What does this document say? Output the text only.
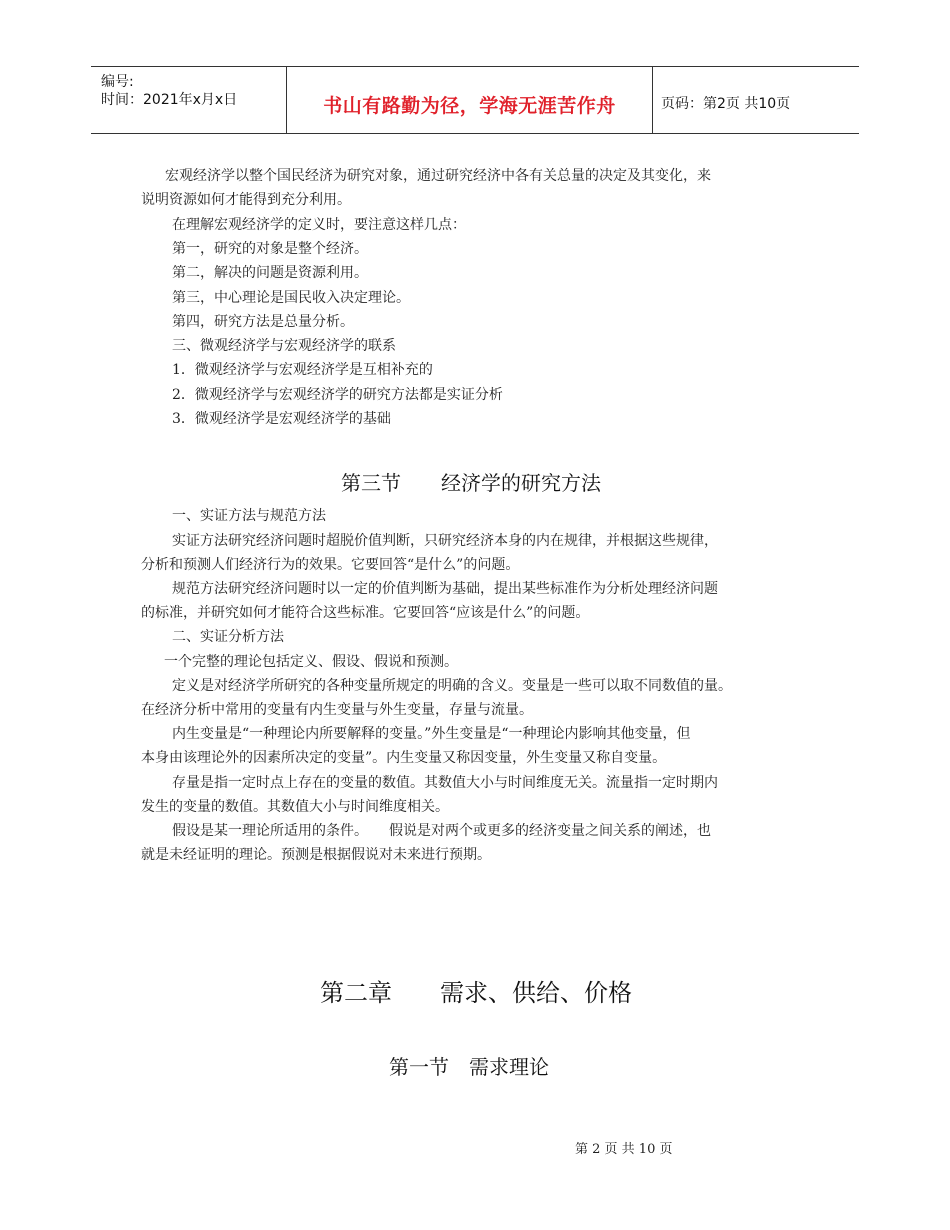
编号:
时间：2021年x月x日	书山有路勤为径，学海无涯苦作舟	页码：第2页 共10页
宏观经济学以整个国民经济为研究对象，通过研究经济中各有关总量的决定及其变化，来
说明资源如何才能得到充分利用。
在理解宏观经济学的定义时，要注意这样几点：
第一，研究的对象是整个经济。
第二，解决的问题是资源利用。
第三，中心理论是国民收入决定理论。
第四，研究方法是总量分析。
三、微观经济学与宏观经济学的联系
1．微观经济学与宏观经济学是互相补充的
2．微观经济学与宏观经济学的研究方法都是实证分析
3．微观经济学是宏观经济学的基础
第三节　　经济学的研究方法
一、实证方法与规范方法
实证方法研究经济问题时超脱价值判断，只研究经济本身的内在规律，并根据这些规律，
分析和预测人们经济行为的效果。它要回答“是什么”的问题。
规范方法研究经济问题时以一定的价值判断为基础，提出某些标准作为分析处理经济问题
的标准，并研究如何才能符合这些标准。它要回答“应该是什么”的问题。
二、实证分析方法
一个完整的理论包括定义、假设、假说和预测。
定义是对经济学所研究的各种变量所规定的明确的含义。变量是一些可以取不同数值的量。
在经济分析中常用的变量有内生变量与外生变量，存量与流量。
内生变量是“一种理论内所要解释的变量。”外生变量是“一种理论内影响其他变量，但
本身由该理论外的因素所决定的变量”。内生变量又称因变量，外生变量又称自变量。
存量是指一定时点上存在的变量的数值。其数值大小与时间维度无关。流量指一定时期内
发生的变量的数值。其数值大小与时间维度相关。
假设是某一理论所适用的条件。　　假说是对两个或更多的经济变量之间关系的阐述，也
就是未经证明的理论。预测是根据假说对未来进行预期。
第二章　　需求、供给、价格
第一节　需求理论
第 2 页 共 10 页
